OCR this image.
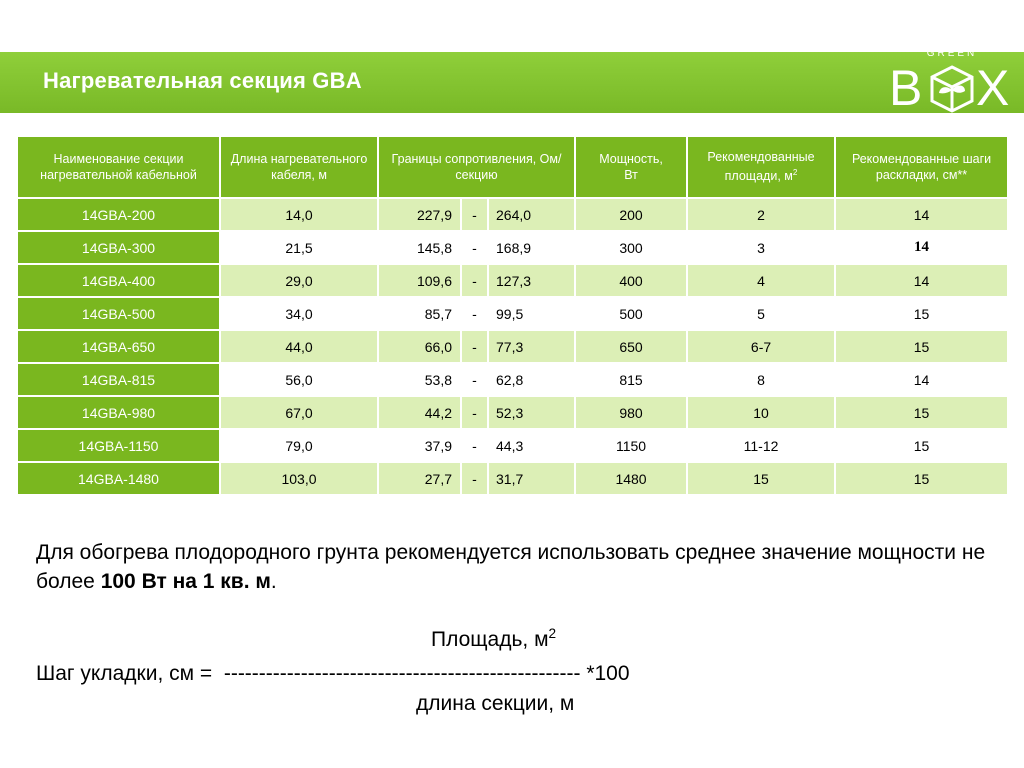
Нагревательная секция GBA
GREEN
B X
AGRO
Наименование секции нагревательной кабельной	Длина нагревательного кабеля, м	Границы сопротивления, Ом/секцию			Мощность,
Вт	Рекомендованные площади, $м^2$	Рекомендованные шаги раскладки, см**
14GBA-200	14,0	227,9	-	264,0	200	2	14
14GBA-300	21,5	145,8	-	168,9	300	3	14
14GBA-400	29,0	109,6	-	127,3	400	4	14
14GBA-500	34,0	85,7	-	99,5	500	5	15
14GBA-650	44,0	66,0	-	77,3	650	6-7	15
14GBA-815	56,0	53,8	-	62,8	815	8	14
14GBA-980	67,0	44,2	-	52,3	980	10	15
14GBA-1150	79,0	37,9	-	44,3	1150	11-12	15
14GBA-1480	103,0	27,7	-	31,7	1480	15	15
Для обогрева плодородного грунта рекомендуется использовать среднее значение мощности не более 100 Вт на 1 кв. м.
Площадь, $м^2$
Шаг укладки, см = --------------------------------------------------- *100
длина секции, м
